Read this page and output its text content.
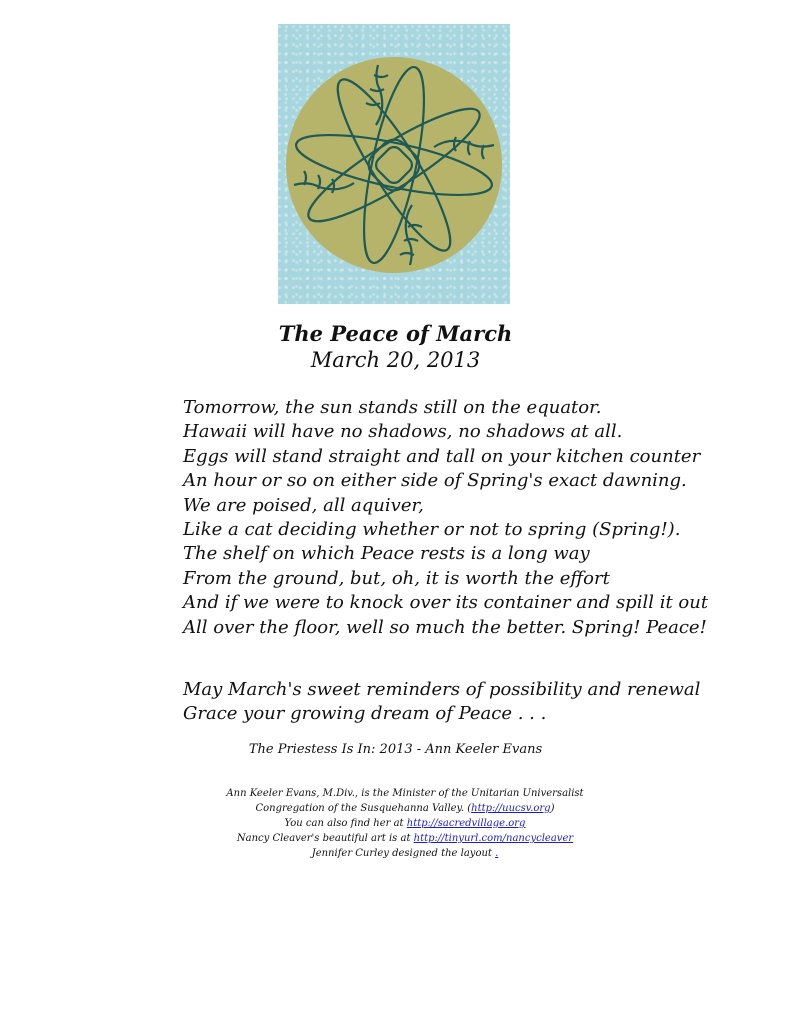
The Peace of March
March 20, 2013
Tomorrow, the sun stands still on the equator.
Hawaii will have no shadows, no shadows at all.
Eggs will stand straight and tall on your kitchen counter
An hour or so on either side of Spring's exact dawning.
We are poised, all aquiver,
Like a cat deciding whether or not to spring (Spring!).
The shelf on which Peace rests is a long way
From the ground, but, oh, it is worth the effort
And if we were to knock over its container and spill it out
All over the floor, well so much the better. Spring! Peace!
May March's sweet reminders of possibility and renewal
Grace your growing dream of Peace . . .
The Priestess Is In: 2013 - Ann Keeler Evans
Ann Keeler Evans, M.Div., is the Minister of the Unitarian Universalist
Congregation of the Susquehanna Valley. (http://uucsv.org)
You can also find her at http://sacredvillage.org
Nancy Cleaver's beautiful art is at http://tinyurl.com/nancycleaver
Jennifer Curley designed the layout .
